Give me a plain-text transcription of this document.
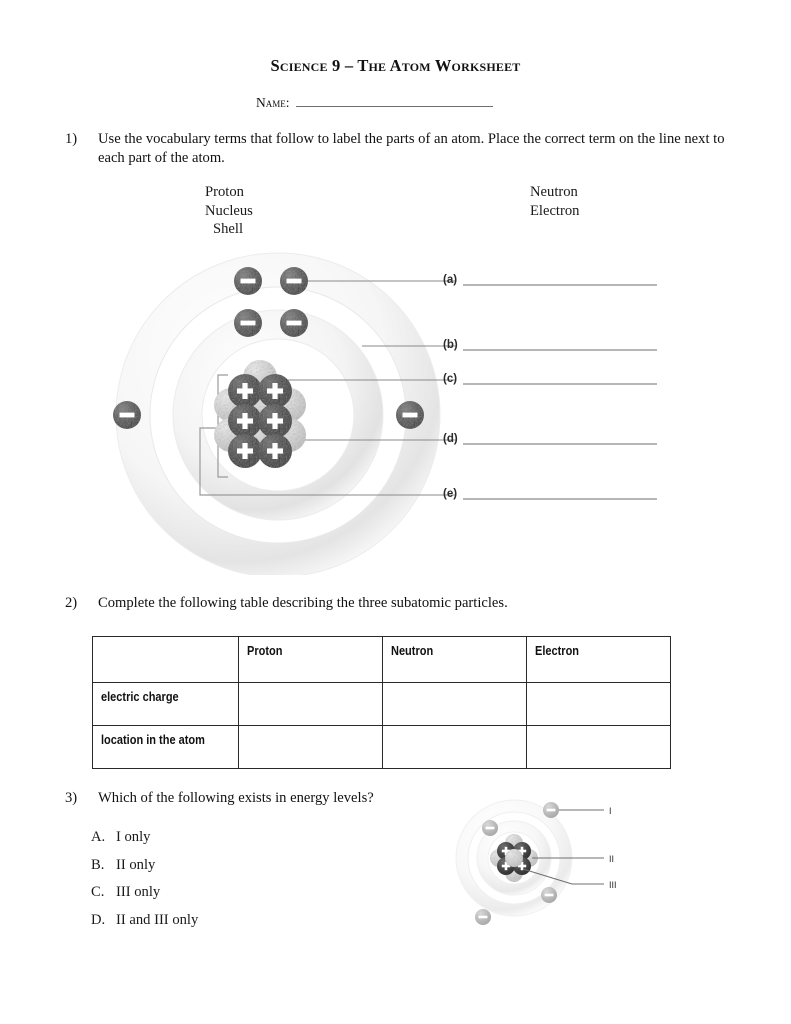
Science 9 – The Atom Worksheet
Name:
1)	Use the vocabulary terms that follow to label the parts of an atom. Place the correct term on the line next to each part of the atom.
Proton
Nucleus
Shell
Neutron
Electron
(a)
(b)
(c)
(d)
(e)
2)	Complete the following table describing the three subatomic particles.

	Proton	Neutron	Electron

electric charge			

location in the atom			

3)	Which of the following exists in energy levels?
A. I only
B. II only
C. III only
D. II and III only
I
II
III
